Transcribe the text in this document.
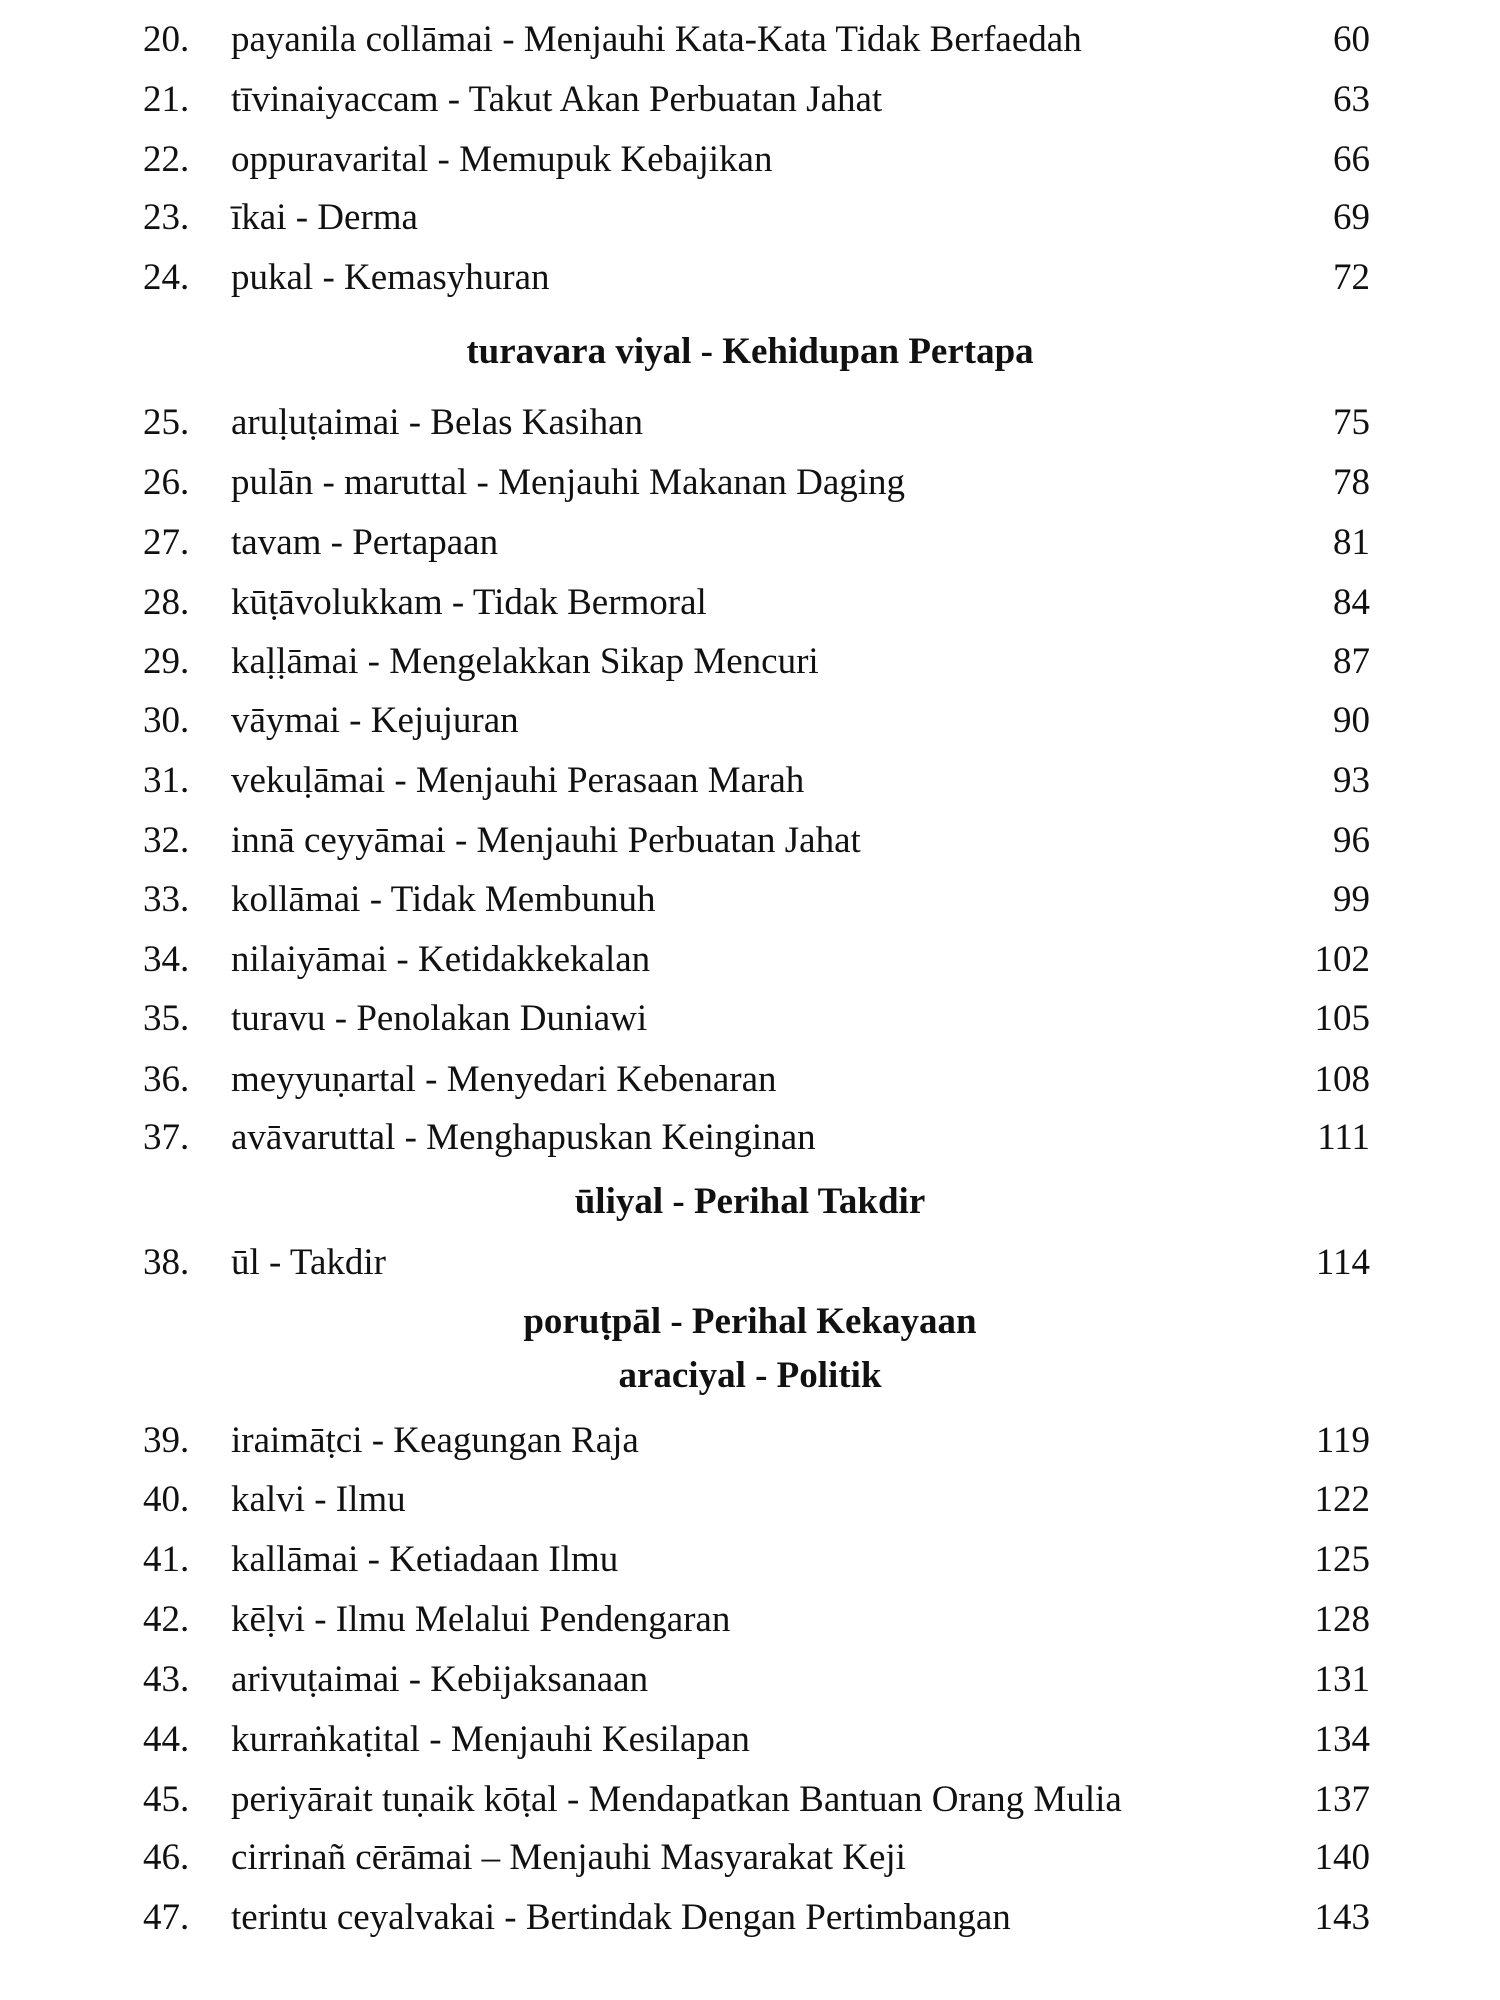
20.	payanila collāmai - Menjauhi Kata-Kata Tidak Berfaedah	60
21.	tīvinaiyaccam - Takut Akan Perbuatan Jahat	63
22.	oppuravarital - Memupuk Kebajikan	66
23.	īkai - Derma	69
24.	pukal - Kemasyhuran	72
turavara viyal - Kehidupan Pertapa
25.	aruḷuṭaimai - Belas Kasihan	75
26.	pulān - maruttal - Menjauhi Makanan Daging	78
27.	tavam - Pertapaan	81
28.	kūṭāvolukkam - Tidak Bermoral	84
29.	kaḷḷāmai - Mengelakkan Sikap Mencuri	87
30.	vāymai - Kejujuran	90
31.	vekuḷāmai - Menjauhi Perasaan Marah	93
32.	innā ceyyāmai - Menjauhi Perbuatan Jahat	96
33.	kollāmai - Tidak Membunuh	99
34.	nilaiyāmai - Ketidakkekalan	102
35.	turavu - Penolakan Duniawi	105
36.	meyyuṇartal - Menyedari Kebenaran	108
37.	avāvaruttal - Menghapuskan Keinginan	111
ūliyal - Perihal Takdir
38.	ūl - Takdir	114
poruṭpāl - Perihal Kekayaan
araciyal - Politik
39.	iraimāṭci - Keagungan Raja	119
40.	kalvi - Ilmu	122
41.	kallāmai - Ketiadaan Ilmu	125
42.	kēḷvi - Ilmu Melalui Pendengaran	128
43.	arivuṭaimai - Kebijaksanaan	131
44.	kurraṅkaṭital - Menjauhi Kesilapan	134
45.	periyārait tuṇaik kōṭal - Mendapatkan Bantuan Orang Mulia	137
46.	cirrinañ cērāmai – Menjauhi Masyarakat Keji	140
47.	terintu ceyalvakai - Bertindak Dengan Pertimbangan	143
